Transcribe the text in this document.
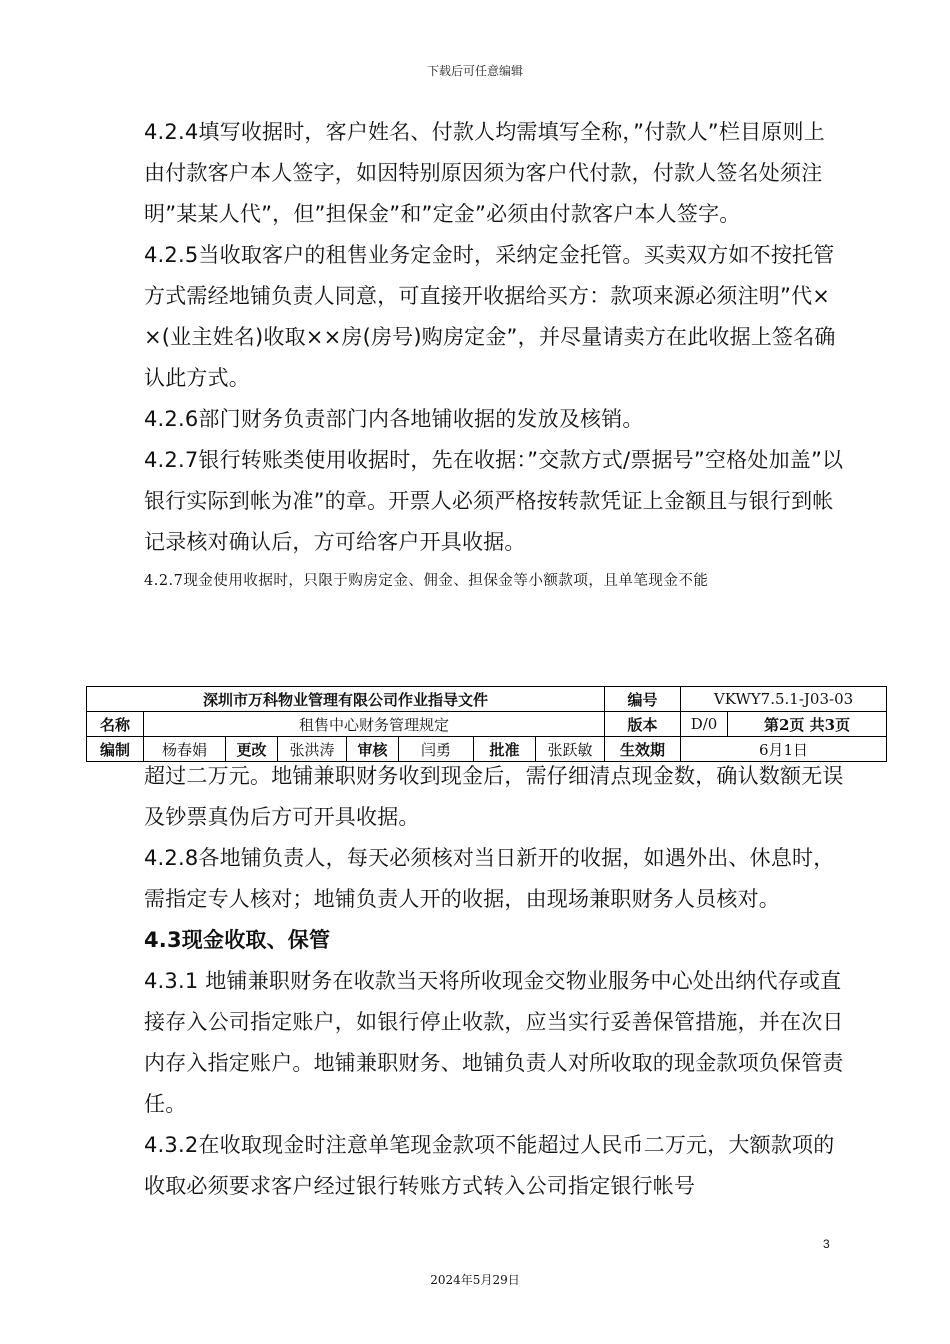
下载后可任意编辑

4.2.4填写收据时，客户姓名、付款人均需填写全称，”付款人”栏目原则上由付款客户本人签字，如因特别原因须为客户代付款，付款人签名处须注明”某某人代”，但”担保金”和”定金”必须由付款客户本人签字。

4.2.5当收取客户的租售业务定金时，采纳定金托管。买卖双方如不按托管方式需经地铺负责人同意，可直接开收据给买方：款项来源必须注明”代××(业主姓名)收取××房(房号)购房定金”，并尽量请卖方在此收据上签名确认此方式。

4.2.6部门财务负责部门内各地铺收据的发放及核销。

4.2.7银行转账类使用收据时，先在收据：”交款方式/票据号”空格处加盖”以银行实际到帐为准”的章。开票人必须严格按转款凭证上金额且与银行到帐记录核对确认后，方可给客户开具收据。

4.2.7现金使用收据时，只限于购房定金、佣金、担保金等小额款项，且单笔现金不能

深圳市万科物业管理有限公司作业指导文件								编号	VKWY7.5.1-J03-03	
名称	租售中心财务管理规定							版本	D/0	第2页 共3页
编制	杨春娟	更改	张洪涛	审核	闫勇	批准	张跃敏	生效期	6月1日	

超过二万元。地铺兼职财务收到现金后，需仔细清点现金数，确认数额无误及钞票真伪后方可开具收据。

4.2.8各地铺负责人，每天必须核对当日新开的收据，如遇外出、休息时，需指定专人核对；地铺负责人开的收据，由现场兼职财务人员核对。

4.3现金收取、保管

4.3.1 地铺兼职财务在收款当天将所收现金交物业服务中心处出纳代存或直接存入公司指定账户，如银行停止收款，应当实行妥善保管措施，并在次日内存入指定账户。地铺兼职财务、地铺负责人对所收取的现金款项负保管责任。

4.3.2在收取现金时注意单笔现金款项不能超过人民币二万元，大额款项的收取必须要求客户经过银行转账方式转入公司指定银行帐号

3
2024年5月29日
